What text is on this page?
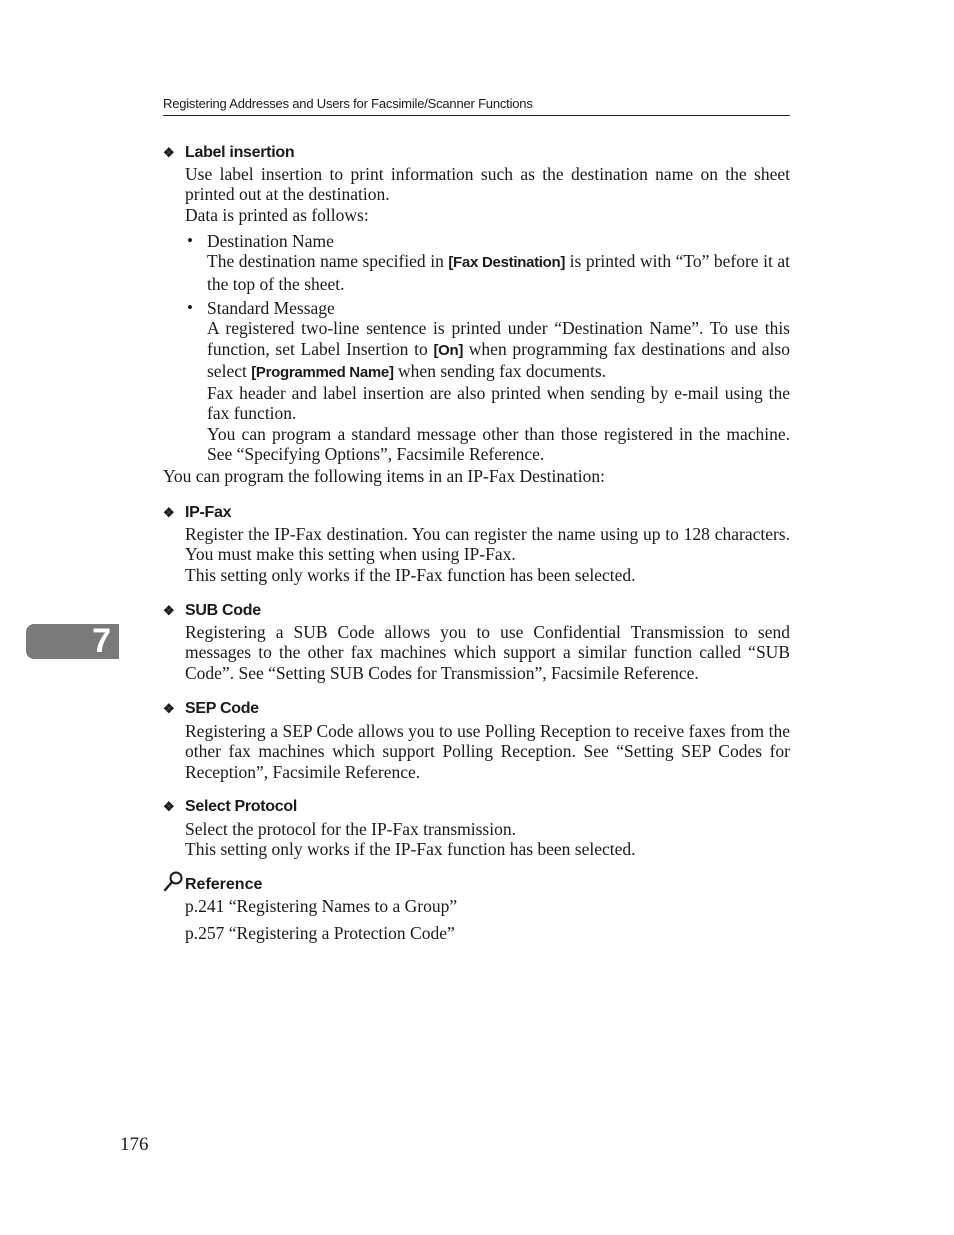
Registering Addresses and Users for Facsimile/Scanner Functions
❖ Label insertion

Use label insertion to print information such as the destination name on the sheet printed out at the destination.

Data is printed as follows:

• Destination Name

The destination name specified in [Fax Destination] is printed with “To” before it at the top of the sheet.

• Standard Message

A registered two-line sentence is printed under “Destination Name”. To use this function, set Label Insertion to [On] when programming fax destinations and also select [Programmed Name] when sending fax documents.

Fax header and label insertion are also printed when sending by e-mail using the fax function.

You can program a standard message other than those registered in the machine. See “Specifying Options”, Facsimile Reference.

You can program the following items in an IP-Fax Destination:
❖ IP-Fax

Register the IP-Fax destination. You can register the name using up to 128 characters. You must make this setting when using IP-Fax.

This setting only works if the IP-Fax function has been selected.

❖ SUB Code

Registering a SUB Code allows you to use Confidential Transmission to send messages to the other fax machines which support a similar function called “SUB Code”. See “Setting SUB Codes for Transmission”, Facsimile Reference.

❖ SEP Code

Registering a SEP Code allows you to use Polling Reception to receive faxes from the other fax machines which support Polling Reception. See “Setting SEP Codes for Reception”, Facsimile Reference.

❖ Select Protocol

Select the protocol for the IP-Fax transmission.

This setting only works if the IP-Fax function has been selected.

Reference
p.241 “Registering Names to a Group”
p.257 “Registering a Protection Code”
7
176
